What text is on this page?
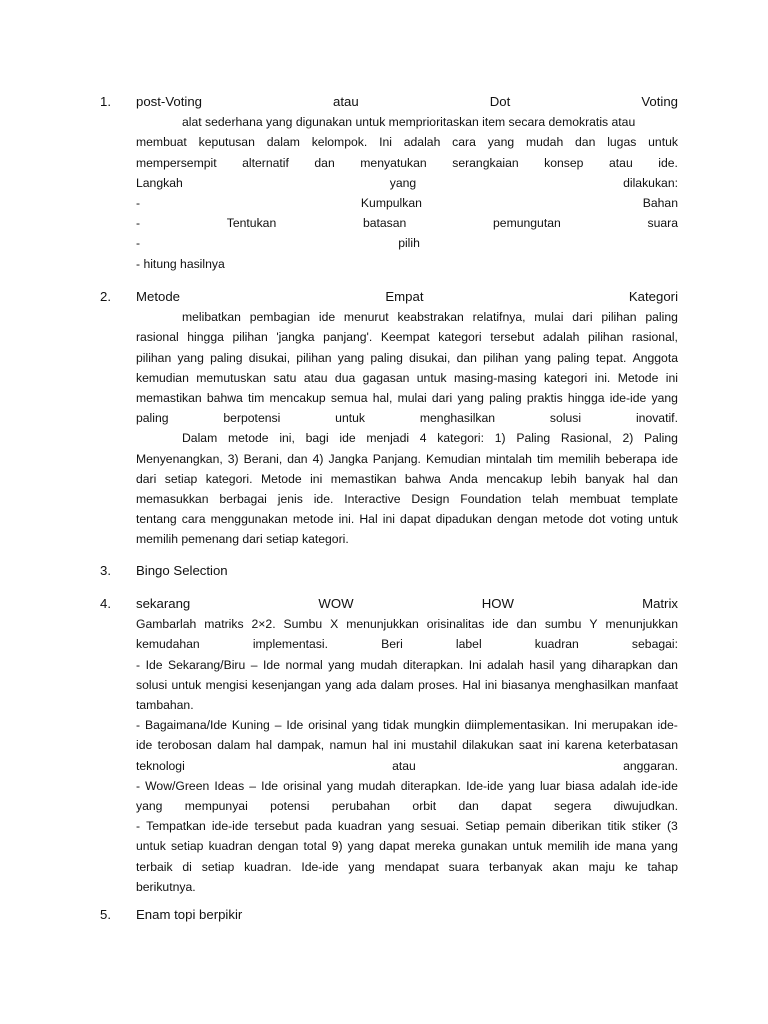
1.	post-Voting	atau	Dot	Voting
alat sederhana yang digunakan untuk memprioritaskan item secara demokratis atau
membuat keputusan dalam kelompok. Ini adalah cara yang mudah dan lugas untuk
mempersempit alternatif dan menyatukan serangkaian konsep atau ide.
Langkah	yang	dilakukan:
-	Kumpulkan	Bahan
-	Tentukan	batasan	pemungutan	suara
-	pilih
- hitung hasilnya
2.	Metode	Empat	Kategori
melibatkan pembagian ide menurut keabstrakan relatifnya, mulai dari pilihan paling
rasional hingga pilihan 'jangka panjang'. Keempat kategori tersebut adalah pilihan rasional,
pilihan yang paling disukai, pilihan yang paling disukai, dan pilihan yang paling tepat. Anggota
kemudian memutuskan satu atau dua gagasan untuk masing-masing kategori ini. Metode ini
memastikan bahwa tim mencakup semua hal, mulai dari yang paling praktis hingga ide-ide yang
paling	berpotensi	untuk	menghasilkan	solusi	inovatif.
Dalam metode ini, bagi ide menjadi 4 kategori: 1) Paling Rasional, 2) Paling
Menyenangkan, 3) Berani, dan 4) Jangka Panjang. Kemudian mintalah tim memilih beberapa ide
dari setiap kategori. Metode ini memastikan bahwa Anda mencakup lebih banyak hal dan
memasukkan berbagai jenis ide. Interactive Design Foundation telah membuat template
tentang cara menggunakan metode ini. Hal ini dapat dipadukan dengan metode dot voting untuk
memilih pemenang dari setiap kategori.
3.	Bingo Selection
4.	sekarang	WOW	HOW	Matrix
Gambarlah matriks 2×2. Sumbu X menunjukkan orisinalitas ide dan sumbu Y menunjukkan
kemudahan	implementasi.	Beri	label	kuadran	sebagai:
- Ide Sekarang/Biru – Ide normal yang mudah diterapkan. Ini adalah hasil yang diharapkan dan
solusi untuk mengisi kesenjangan yang ada dalam proses. Hal ini biasanya menghasilkan manfaat
tambahan.
- Bagaimana/Ide Kuning – Ide orisinal yang tidak mungkin diimplementasikan. Ini merupakan ide-
ide terobosan dalam hal dampak, namun hal ini mustahil dilakukan saat ini karena keterbatasan
teknologi	atau	anggaran.
- Wow/Green Ideas – Ide orisinal yang mudah diterapkan. Ide-ide yang luar biasa adalah ide-ide
yang mempunyai potensi perubahan orbit dan dapat segera diwujudkan.
- Tempatkan ide-ide tersebut pada kuadran yang sesuai. Setiap pemain diberikan titik stiker (3
untuk setiap kuadran dengan total 9) yang dapat mereka gunakan untuk memilih ide mana yang
terbaik di setiap kuadran. Ide-ide yang mendapat suara terbanyak akan maju ke tahap
berikutnya.
5.	Enam topi berpikir
